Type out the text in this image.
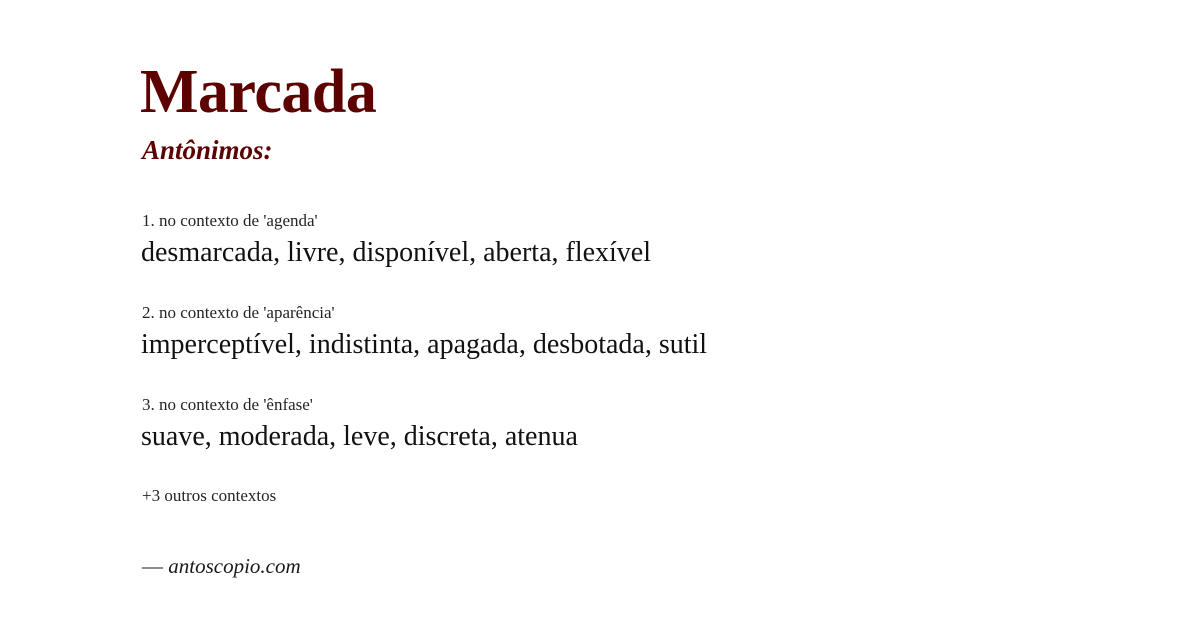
Marcada
Antônimos:
1. no contexto de 'agenda'
desmarcada, livre, disponível, aberta, flexível
2. no contexto de 'aparência'
imperceptível, indistinta, apagada, desbotada, sutil
3. no contexto de 'ênfase'
suave, moderada, leve, discreta, atenua
+3 outros contextos
— antoscopio.com
